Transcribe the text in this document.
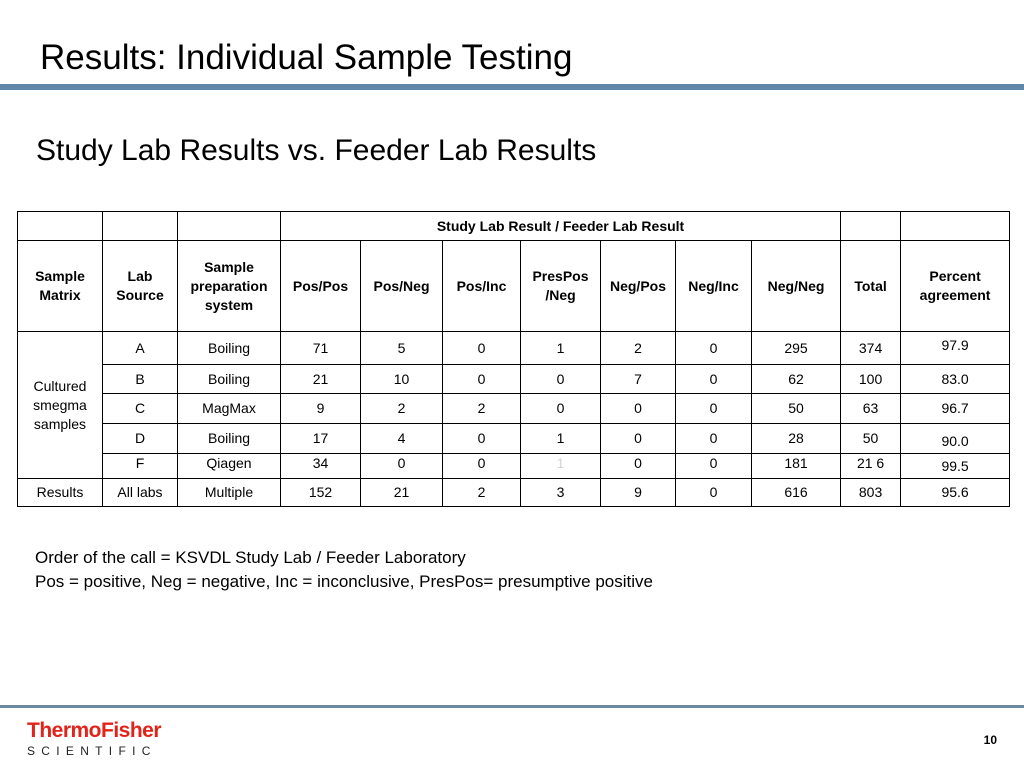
Results: Individual Sample Testing
Study Lab Results vs. Feeder Lab Results
			Study Lab Result / Feeder Lab Result								
Sample Matrix	Lab Source	Sample preparation system	Pos/Pos	Pos/Neg	Pos/Inc	PresPos /Neg	Neg/Pos	Neg/Inc	Neg/Neg	Total	Percent agreement
Cultured smegma samples	A	Boiling	71	5	0	1	2	0	295	374	97.9
	B	Boiling	21	10	0	0	7	0	62	100	83.0
	C	MagMax	9	2	2	0	0	0	50	63	96.7
	D	Boiling	17	4	0	1	0	0	28	50	90.0
	F	Qiagen	34	0	0	1	0	0	181	21 6	99.5
Results	All labs	Multiple	152	21	2	3	9	0	616	803	95.6
Order of the call = KSVDL Study Lab / Feeder Laboratory
Pos = positive, Neg = negative, Inc = inconclusive, PresPos= presumptive positive
ThermoFisher
SCIENTIFIC
10
